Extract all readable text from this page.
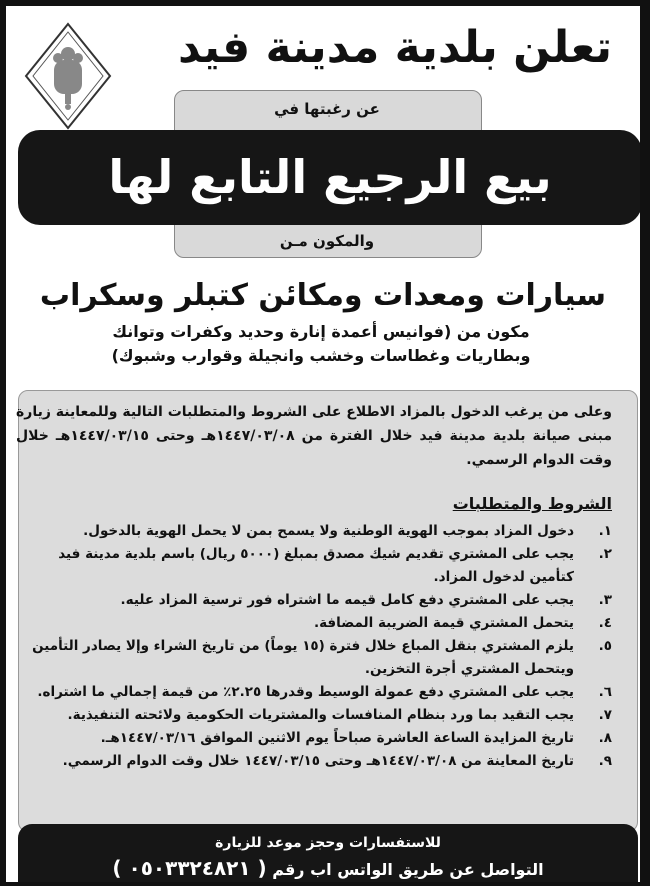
تعلن بلدية مدينة فيد
عن رغبتها في
بيع الرجيع التابع لها
والمكون مـن
سيارات ومعدات ومكائن كتبلر وسكراب
مكون من (فوانيس أعمدة إنارة وحديد وكفرات وتوانك
وبطاريات وغطاسات وخشب وانجيلة وقوارب وشبوك)
وعلى من يرغب الدخول بالمزاد الاطلاع على الشروط والمتطلبات التالية وللمعاينة زيارة مبنى صيانة بلدية مدينة فيد خلال الفترة من ١٤٤٧/٠٣/٠٨هـ وحتى ١٤٤٧/٠٣/١٥هـ خلال وقت الدوام الرسمي.
الشروط والمتطلبات
١.
دخول المزاد بموجب الهوية الوطنية ولا يسمح بمن لا يحمل الهوية بالدخول.
٢.
يجب على المشتري تقديم شيك مصدق بمبلغ (٥٠٠٠ ريال) باسم بلدية مدينة فيد كتأمين لدخول المزاد.
٣.
يجب على المشتري دفع كامل قيمه ما اشتراه فور ترسية المزاد عليه.
٤.
يتحمل المشتري قيمة الضريبة المضافة.
٥.
يلزم المشتري بنقل المباع خلال فترة (١٥ يوماً) من تاريخ الشراء وإلا يصادر التأمين ويتحمل المشتري أجرة التخزين.
٦.
يجب على المشتري دفع عمولة الوسيط وقدرها ٢.٢٥٪ من قيمة إجمالي ما اشتراه.
٧.
يجب التقيد بما ورد بنظام المنافسات والمشتريات الحكومية ولائحته التنفيذية.
٨.
تاريخ المزايدة الساعة العاشرة صباحاً يوم الاثنين الموافق ١٤٤٧/٠٣/١٦هـ.
٩.
تاريخ المعاينة من ١٤٤٧/٠٣/٠٨هـ وحتى ١٤٤٧/٠٣/١٥ خلال وقت الدوام الرسمي.
للاستفسارات وحجز موعد للزيارة
التواصل عن طريق الواتس اب رقم ( ٠٥٠٣٣٢٤٨٢١ )
